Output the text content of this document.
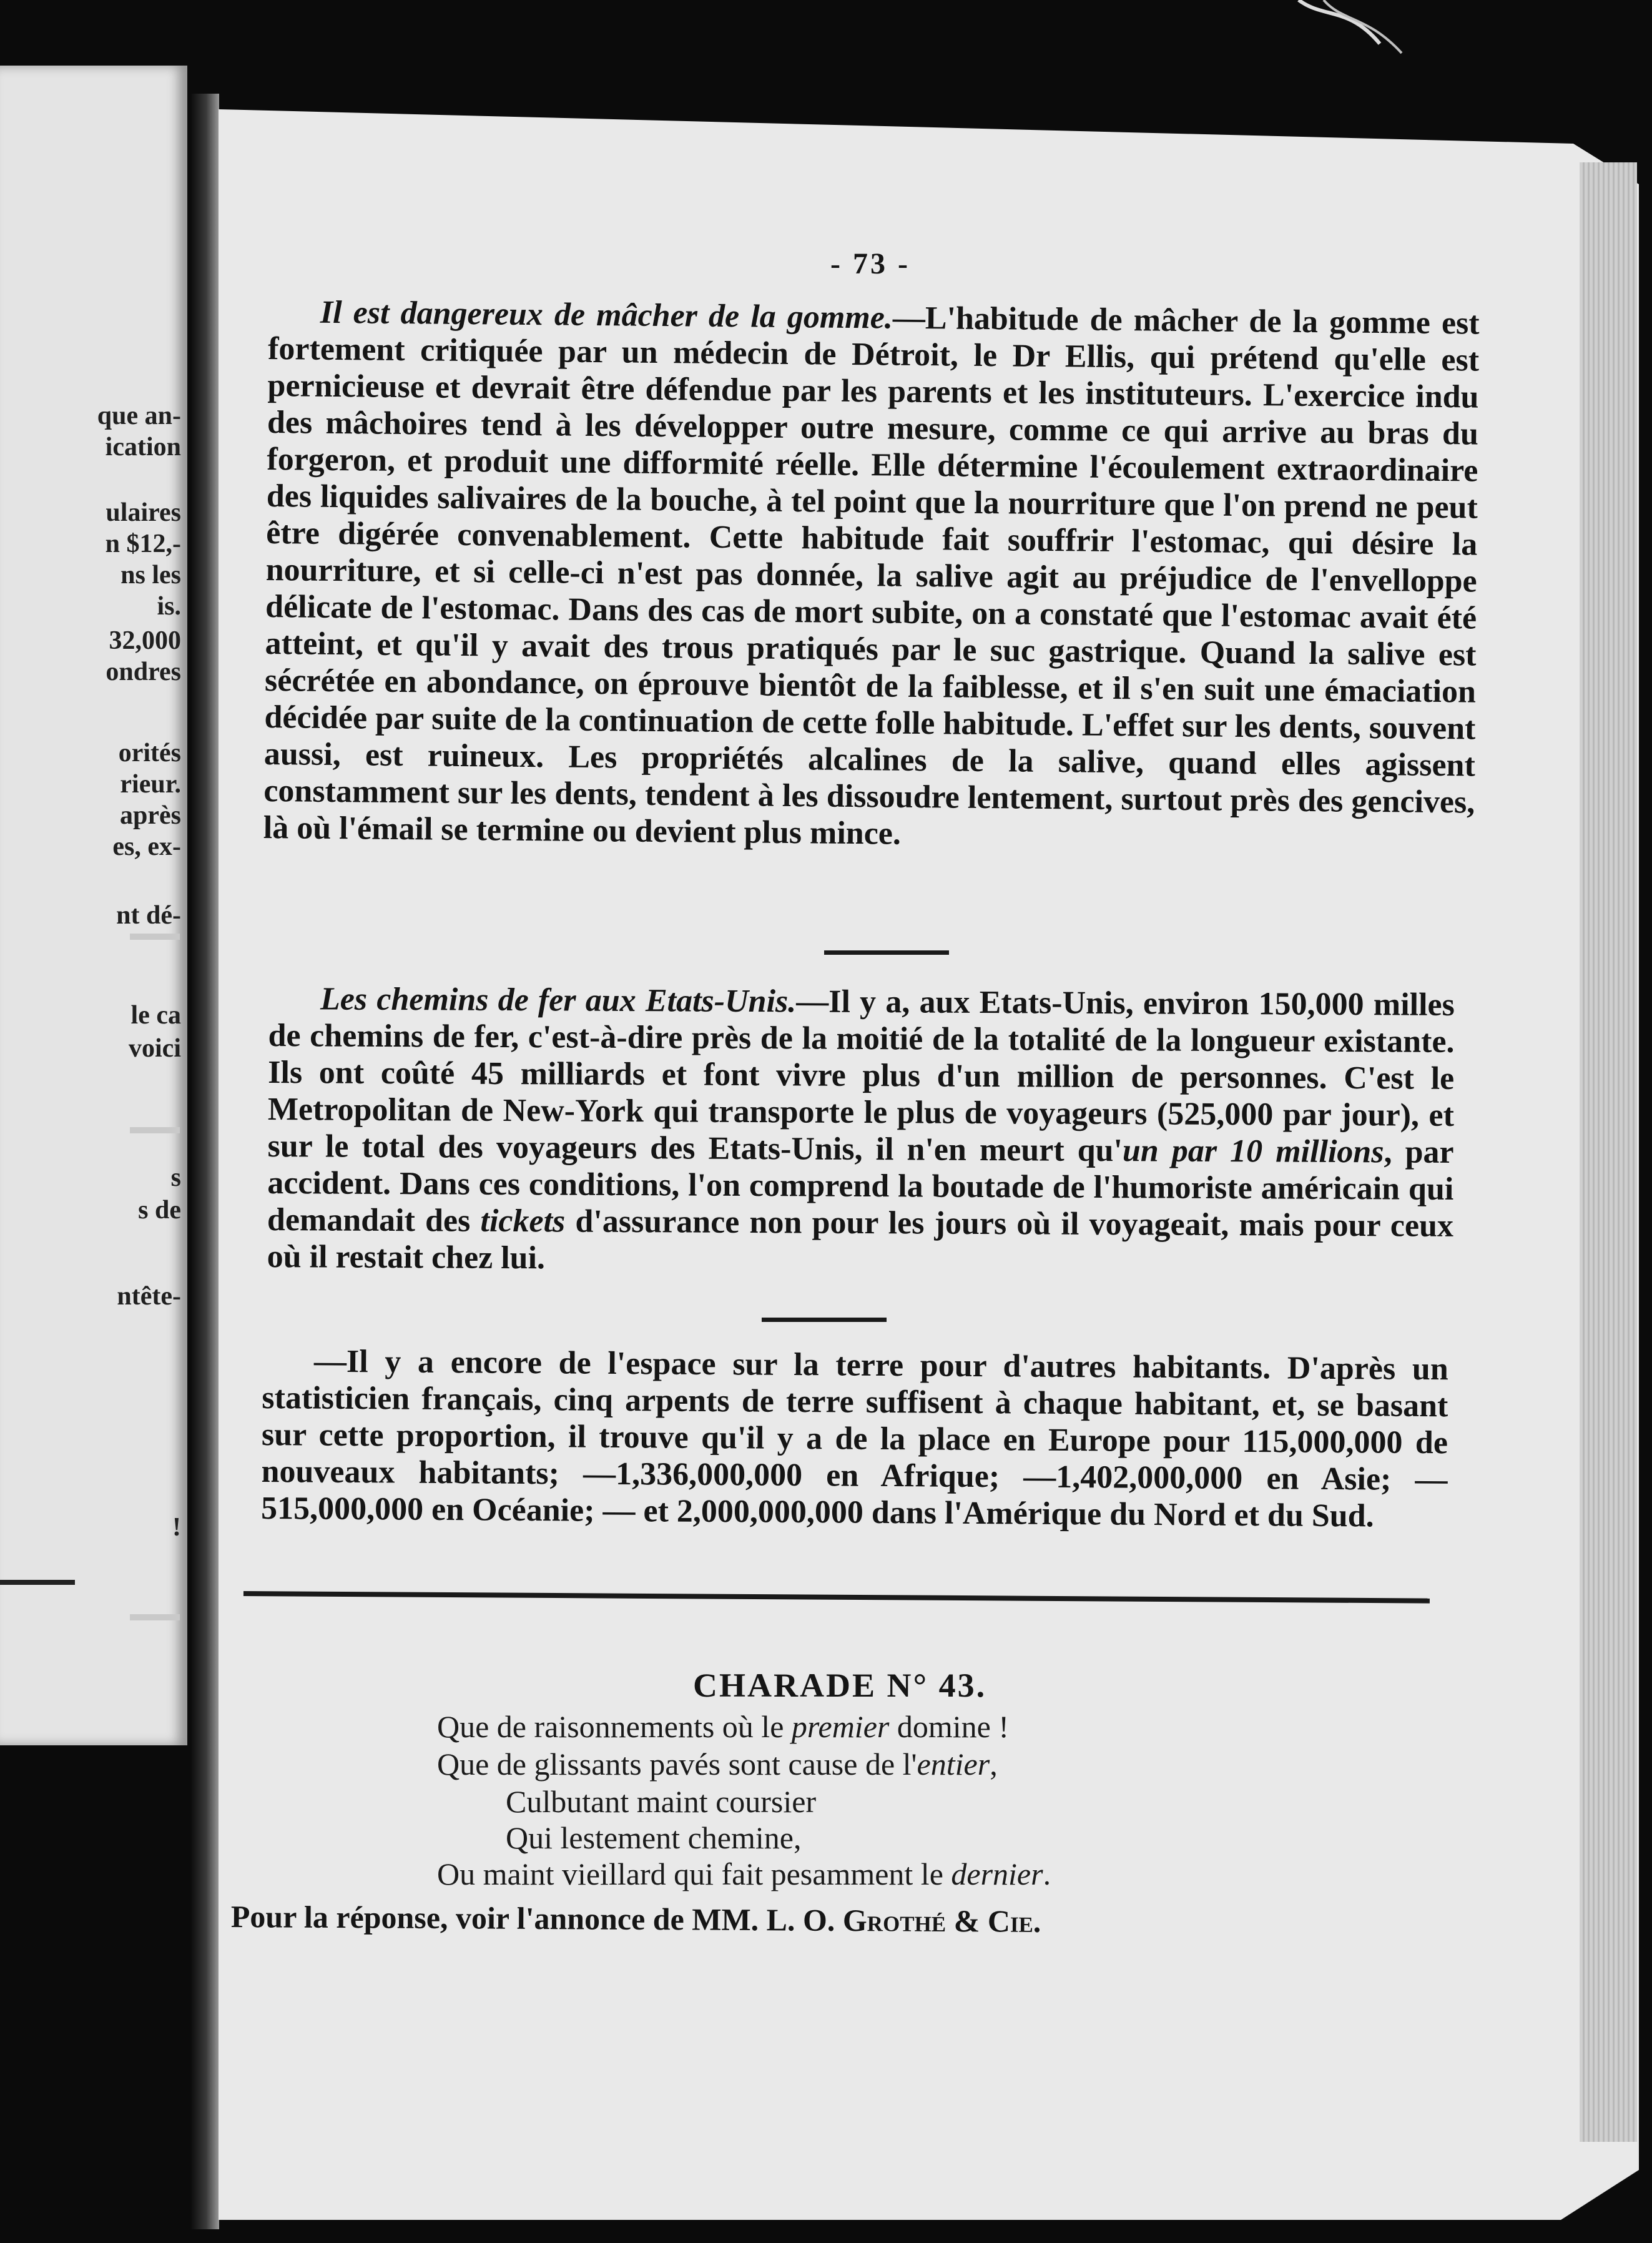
que an-

ication

ulaires

n $12,-

ns les

is.

32,000

ondres

orités

rieur.

après

es, ex-

nt dé-

le ca

voici

s

s de

ntête-

!

- 73 -

Il est dangereux de mâcher de la gomme.—L'habitude de mâcher de la gomme est fortement critiquée par un médecin de Détroit, le Dr Ellis, qui prétend qu'elle est pernicieuse et devrait être défendue par les parents et les instituteurs. L'exercice indu des mâchoires tend à les développer outre mesure, comme ce qui arrive au bras du forgeron, et produit une difformité réelle. Elle détermine l'écoulement extraordinaire des liquides salivaires de la bouche, à tel point que la nourriture que l'on prend ne peut être digérée convenablement. Cette habitude fait souffrir l'estomac, qui désire la nourriture, et si celle-ci n'est pas donnée, la salive agit au préjudice de l'envelloppe délicate de l'estomac. Dans des cas de mort subite, on a constaté que l'estomac avait été atteint, et qu'il y avait des trous pratiqués par le suc gastrique. Quand la salive est sécrétée en abondance, on éprouve bientôt de la faiblesse, et il s'en suit une émaciation décidée par suite de la continuation de cette folle habitude. L'effet sur les dents, souvent aussi, est ruineux. Les propriétés alcalines de la salive, quand elles agissent constamment sur les dents, tendent à les dissoudre lentement, surtout près des gencives, là où l'émail se termine ou devient plus mince.

Les chemins de fer aux Etats-Unis.—Il y a, aux Etats-Unis, environ 150,000 milles de chemins de fer, c'est-à-dire près de la moitié de la totalité de la longueur existante. Ils ont coûté 45 milliards et font vivre plus d'un million de personnes. C'est le Metropolitan de New-York qui transporte le plus de voyageurs (525,000 par jour), et sur le total des voyageurs des Etats-Unis, il n'en meurt qu'un par 10 millions, par accident. Dans ces conditions, l'on comprend la boutade de l'humoriste américain qui demandait des tickets d'assurance non pour les jours où il voyageait, mais pour ceux où il restait chez lui.

—Il y a encore de l'espace sur la terre pour d'autres habitants. D'après un statisticien français, cinq arpents de terre suffisent à chaque habitant, et, se basant sur cette proportion, il trouve qu'il y a de la place en Europe pour 115,000,000 de nouveaux habitants; —1,336,000,000 en Afrique; —1,402,000,000 en Asie; —515,000,000 en Océanie; — et 2,000,000,000 dans l'Amérique du Nord et du Sud.

CHARADE N° 43.

Que de raisonnements où le premier domine !

Que de glissants pavés sont cause de l'entier,

Culbutant maint coursier

Qui lestement chemine,

Ou maint vieillard qui fait pesamment le dernier.

Pour la réponse, voir l'annonce de MM. L. O. Grothé & Cie.
